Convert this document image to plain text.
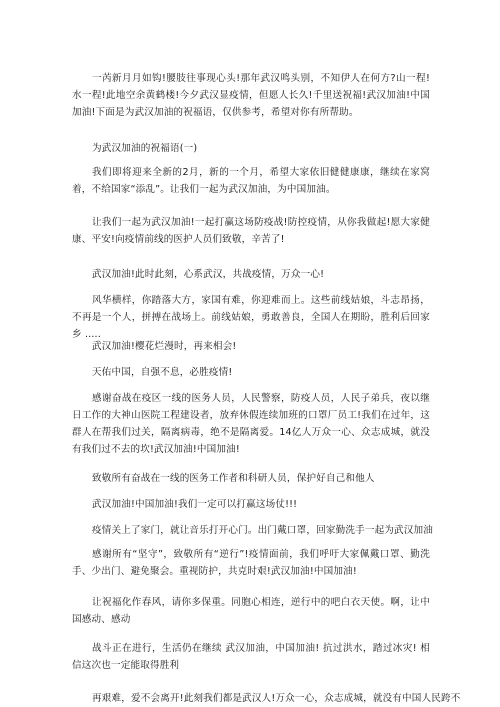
一芮新月月如钩!腰肢往事现心头!那年武汉鸣头别，不知伊人在何方?山一程!水一程!此地空余黄鹤楼!今夕武汉显疫情，但愿人长久!千里送祝福!武汉加油!中国加油!下面是为武汉加油的祝福语，仅供参考，希望对你有所帮助。
为武汉加油的祝福语(一)
我们即将迎来全新的2月，新的一个月，希望大家依旧健健康康，继续在家窝着，不给国家“添乱”。让我们一起为武汉加油，为中国加油。
让我们一起为武汉加油!一起打赢这场防疫战!防控疫情，从你我做起!愿大家健康、平安!向疫情前线的医护人员们致敬，辛苦了!
武汉加油!此时此刻，心系武汉，共战疫情，万众一心!
风华横样，你踏落大方，家国有难，你迎难而上。这些前线姑娘，斗志昂扬，不再是一个人，拼搏在战场上。前线姑娘，勇敢善良，全国人在期盼，胜利后回家乡 .....
武汉加油!樱花烂漫时，再来相会!
天佑中国，自强不息，必胜疫情!
感谢奋战在疫区一线的医务人员，人民警察，防疫人员，人民子弟兵，夜以继日工作的大神山医院工程建设者，放弃休假连续加班的口罩厂员工!我们在过年，这群人在帮我们过关，隔离病毒，绝不是隔离爱。14亿人万众一心、众志成城，就没有我们过不去的坎!武汉加油!中国加油!
致敬所有奋战在一线的医务工作者和科研人员，保护好自己和他人
武汉加油!中国加油!我们一定可以打赢这场仗!!!
疫情关上了家门，就让音乐打开心门。出门戴口罩，回家勤洗手一起为武汉加油
感谢所有“坚守”，致敬所有“逆行”!疫情面前，我们呼吁大家佩戴口罩、勤洗手、少出门、避免聚会。重视防护，共克时艰!武汉加油!中国加油!
让祝福化作春风，请你多保重。同胞心相连，逆行中的吧白衣天使。啊，让中国感动、感动
战斗正在进行，生活仍在继续 武汉加油，中国加油! 抗过洪水，踏过冰灾! 相信这次也一定能取得胜利
再艰难，爱不会离开!此刻我们都是武汉人!万众一心，众志成城，就没有中国人民跨不
